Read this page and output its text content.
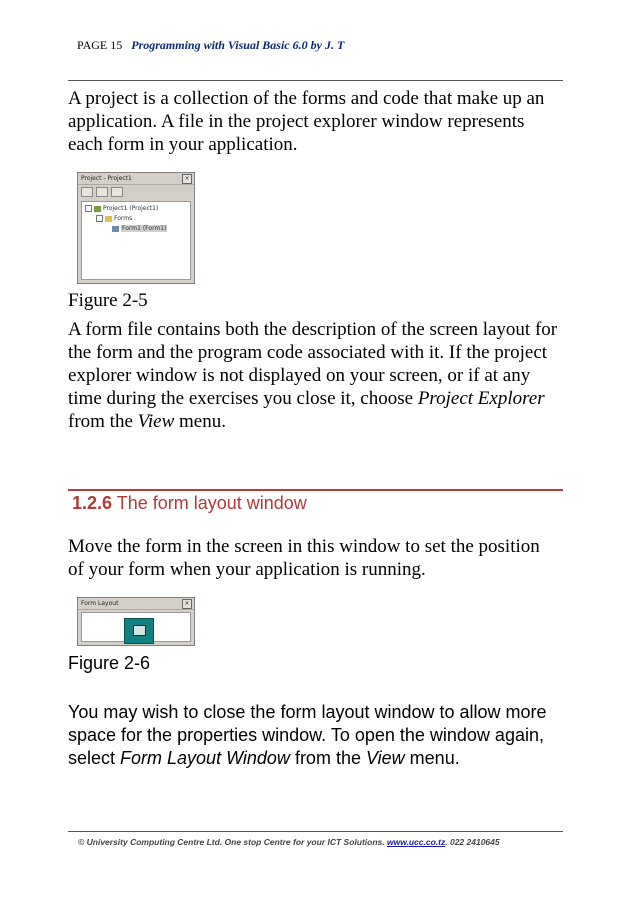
PAGE 15 Programming with Visual Basic 6.0 by J. T
A project is a collection of the forms and code that make up an application. A file in the project explorer window represents each form in your application.
Project - Project1	×
Project1 (Project1)
Forms
Form1 (Form1)
Figure 2-5
A form file contains both the description of the screen layout for the form and the program code associated with it. If the project explorer window is not displayed on your screen, or if at any time during the exercises you close it, choose Project Explorer from the View menu.
1.2.6 The form layout window
Move the form in the screen in this window to set the position of your form when your application is running.
Form Layout	×
Figure 2-6
You may wish to close the form layout window to allow more space for the properties window. To open the window again, select Form Layout Window from the View menu.
© University Computing Centre Ltd. One stop Centre for your ICT Solutions. www.ucc.co.tz. 022 2410645
